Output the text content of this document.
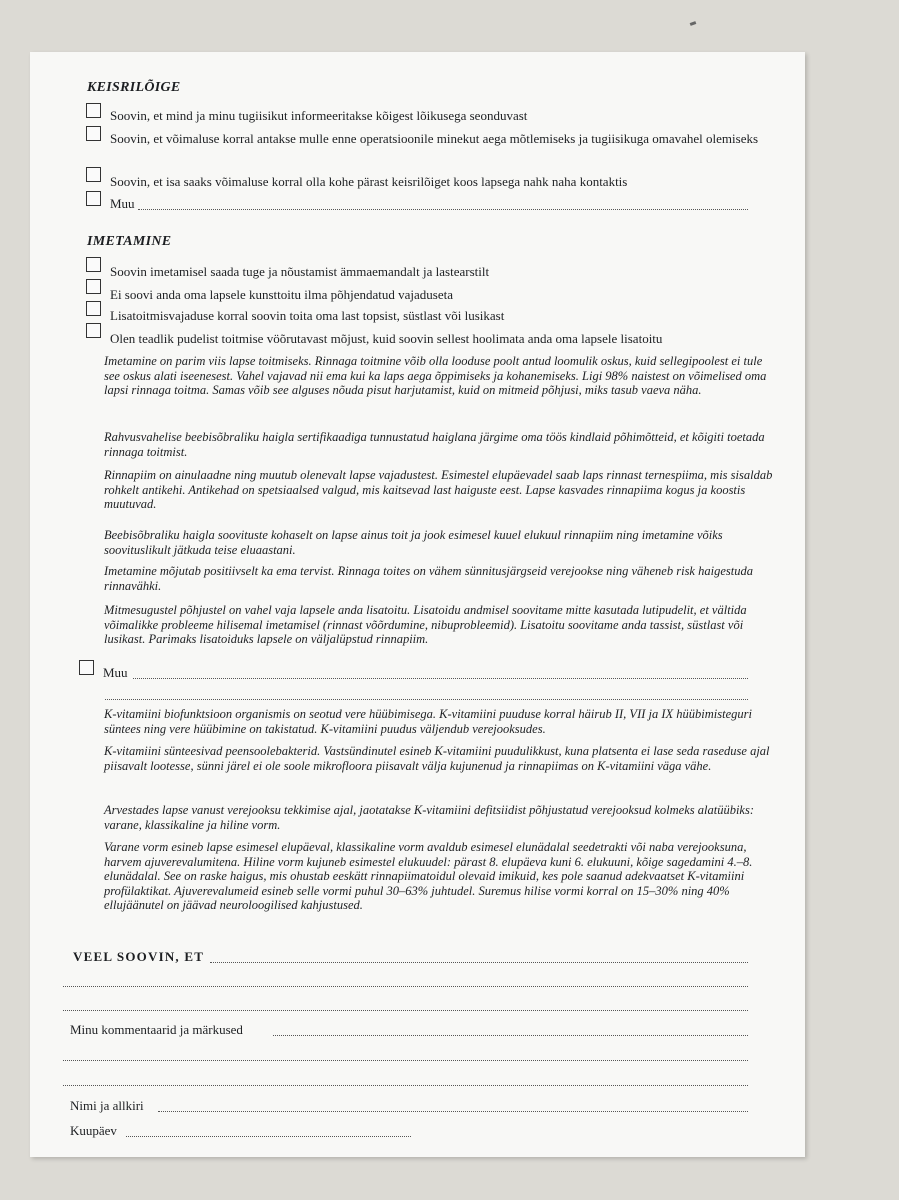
KEISRILÕIGE
Soovin, et mind ja minu tugiisikut informeeritakse kõigest lõikusega seonduvast
Soovin, et võimaluse korral antakse mulle enne operatsioonile minekut aega mõtlemiseks ja tugiisikuga omavahel olemiseks
Soovin, et isa saaks võimaluse korral olla kohe pärast keisrilõiget koos lapsega nahk naha kontaktis
Muu
IMETAMINE
Soovin imetamisel saada tuge ja nõustamist ämmaemandalt ja lastearstilt
Ei soovi anda oma lapsele kunsttoitu ilma põhjendatud vajaduseta
Lisatoitmisvajaduse korral soovin toita oma last topsist, süstlast või lusikast
Olen teadlik pudelist toitmise vöõrutavast mõjust, kuid soovin sellest hoolimata anda oma lapsele lisatoitu

Imetamine on parim viis lapse toitmiseks. Rinnaga toitmine võib olla looduse poolt antud loomulik oskus, kuid sellegipoolest ei tule see oskus alati iseenesest. Vahel vajavad nii ema kui ka laps aega õppimiseks ja kohanemiseks. Ligi 98% naistest on võimelised oma lapsi rinnaga toitma. Samas võib see alguses nõuda pisut harjutamist, kuid on mitmeid põhjusi, miks tasub vaeva näha.

Rahvusvahelise beebisõbraliku haigla sertifikaadiga tunnustatud haiglana järgime oma töös kindlaid põhimõtteid, et kõigiti toetada rinnaga toitmist.

Rinnapiim on ainulaadne ning muutub olenevalt lapse vajadustest. Esimestel elupäevadel saab laps rinnast ternespiima, mis sisaldab rohkelt antikehi. Antikehad on spetsiaalsed valgud, mis kaitsevad last haiguste eest. Lapse kasvades rinnapiima kogus ja koostis muutuvad.

Beebisõbraliku haigla soovituste kohaselt on lapse ainus toit ja jook esimesel kuuel elukuul rinnapiim ning imetamine võiks soovituslikult jätkuda teise eluaastani.

Imetamine mõjutab positiivselt ka ema tervist. Rinnaga toites on vähem sünnitusjärgseid verejookse ning väheneb risk haigestuda rinnavähki.

Mitmesugustel põhjustel on vahel vaja lapsele anda lisatoitu. Lisatoidu andmisel soovitame mitte kasutada lutipudelit, et vältida võimalikke probleeme hilisemal imetamisel (rinnast võõrdumine, nibuprobleemid). Lisatoitu soovitame anda tassist, süstlast või lusikast. Parimaks lisatoiduks lapsele on väljalüpstud rinnapiim.

Muu

K-vitamiini biofunktsioon organismis on seotud vere hüübimisega. K-vitamiini puuduse korral häirub II, VII ja IX hüübimisteguri süntees ning vere hüübimine on takistatud. K-vitamiini puudus väljendub verejooksudes.

K-vitamiini sünteesivad peensoolebakterid. Vastsündinutel esineb K-vitamiini puudulikkust, kuna platsenta ei lase seda raseduse ajal piisavalt lootesse, sünni järel ei ole soole mikrofloora piisavalt välja kujunenud ja rinnapiimas on K-vitamiini väga vähe.

Arvestades lapse vanust verejooksu tekkimise ajal, jaotatakse K-vitamiini defitsiidist põhjustatud verejooksud kolmeks alatüübiks: varane, klassikaline ja hiline vorm.

Varane vorm esineb lapse esimesel elupäeval, klassikaline vorm avaldub esimesel elunädalal seedetrakti või naba verejooksuna, harvem ajuverevalumitena. Hiline vorm kujuneb esimestel elukuudel: pärast 8. elupäeva kuni 6. elukuuni, kõige sagedamini 4.–8. elunädalal. See on raske haigus, mis ohustab eeskätt rinnapiimatoidul olevaid imikuid, kes pole saanud adekvaatset K-vitamiini profülaktikat. Ajuverevalumeid esineb selle vormi puhul 30–63% juhtudel. Suremus hilise vormi korral on 15–30% ning 40% ellujäänutel on jäävad neuroloogilised kahjustused.

VEEL SOOVIN, ET
Minu kommentaarid ja märkused
Nimi ja allkiri
Kuupäev
